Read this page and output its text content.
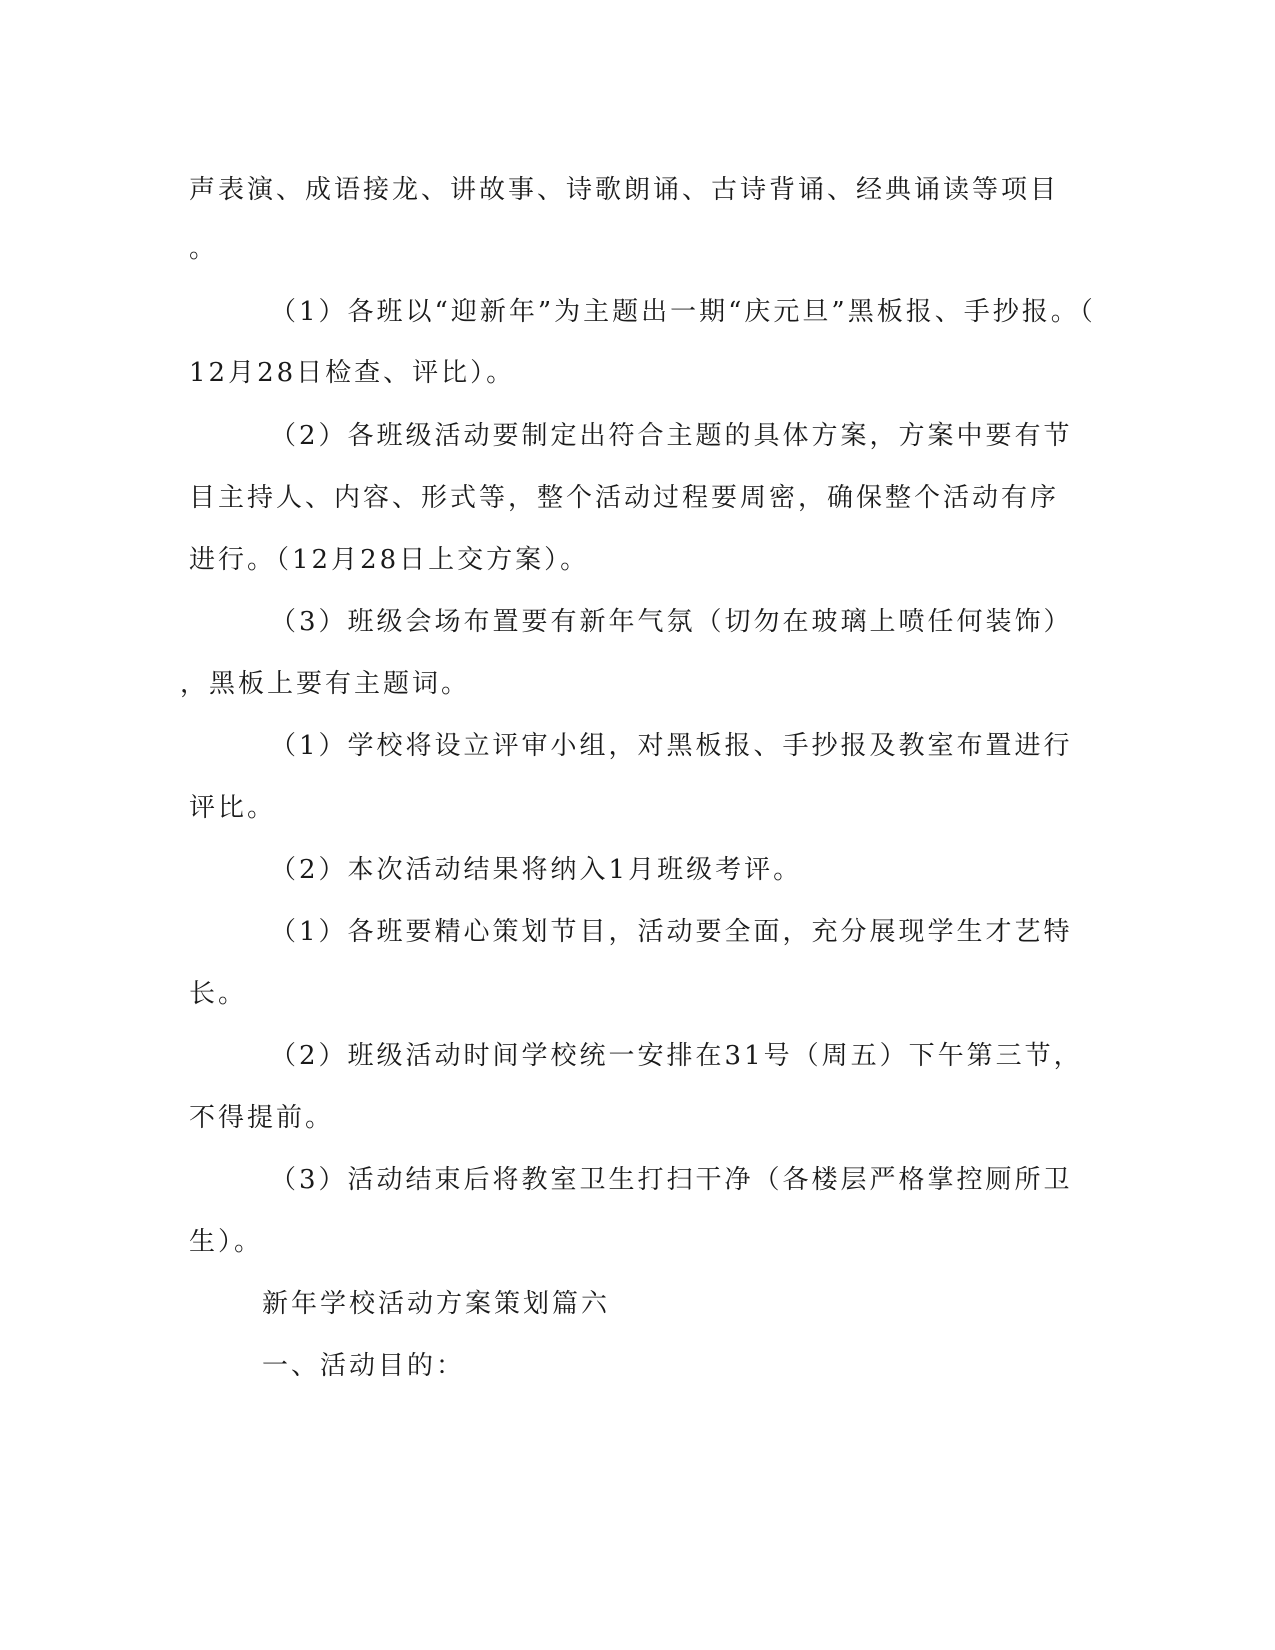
声表演、成语接龙、讲故事、诗歌朗诵、古诗背诵、经典诵读等项目
。
（1）各班以“迎新年”为主题出一期“庆元旦”黑板报、手抄报。（
12月28日检查、评比）。
（2）各班级活动要制定出符合主题的具体方案，方案中要有节
目主持人、内容、形式等，整个活动过程要周密，确保整个活动有序
进行。（12月28日上交方案）。
（3）班级会场布置要有新年气氛（切勿在玻璃上喷任何装饰）
，黑板上要有主题词。
（1）学校将设立评审小组，对黑板报、手抄报及教室布置进行
评比。
（2）本次活动结果将纳入1月班级考评。
（1）各班要精心策划节目，活动要全面，充分展现学生才艺特
长。
（2）班级活动时间学校统一安排在31号（周五）下午第三节，
不得提前。
（3）活动结束后将教室卫生打扫干净（各楼层严格掌控厕所卫
生）。
新年学校活动方案策划篇六
一、活动目的：
